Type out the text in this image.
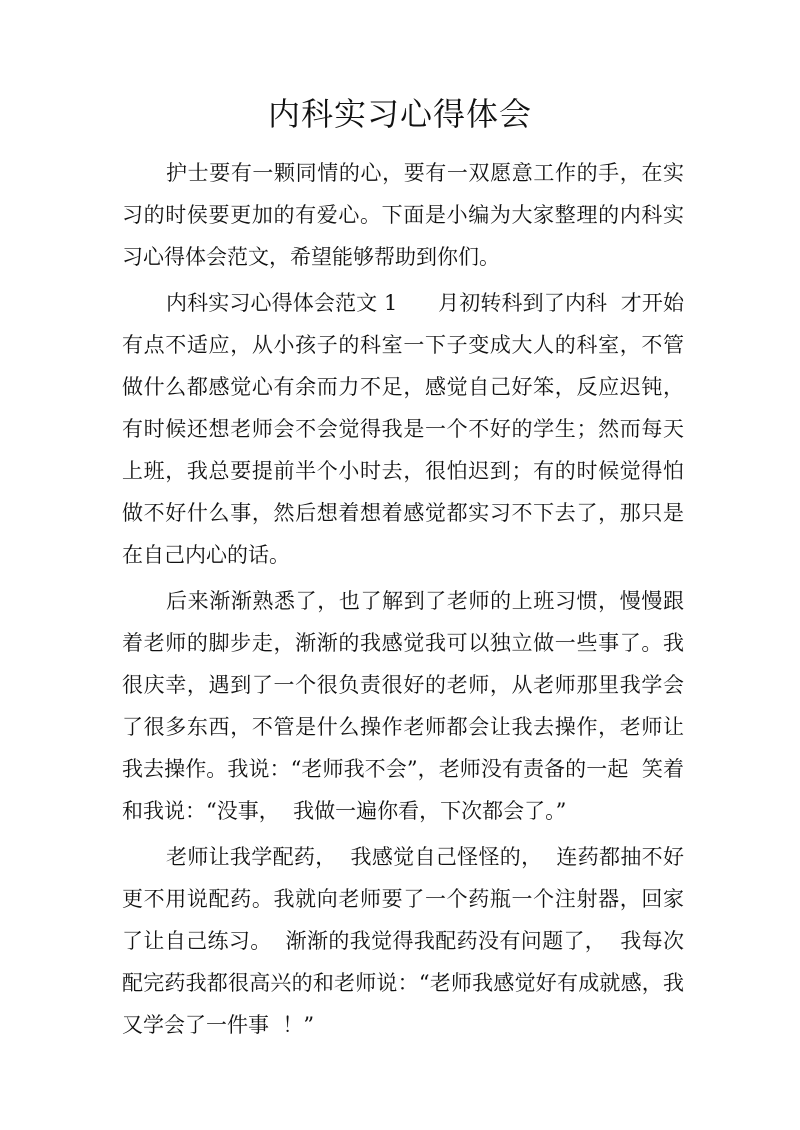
内科实习心得体会

护士要有一颗同情的心，要有一双愿意工作的手，在实习的时侯要更加的有爱心。下面是小编为大家整理的内科实习心得体会范文，希望能够帮助到你们。

内科实习心得体会范文 1      月初转科到了内科  才开始有点不适应，从小孩子的科室一下子变成大人的科室，不管做什么都感觉心有余而力不足，感觉自己好笨，反应迟钝，有时候还想老师会不会觉得我是一个不好的学生；然而每天上班，我总要提前半个小时去，很怕迟到；有的时候觉得怕做不好什么事，然后想着想着感觉都实习不下去了，那只是在自己内心的话。

后来渐渐熟悉了，也了解到了老师的上班习惯，慢慢跟着老师的脚步走，渐渐的我感觉我可以独立做一些事了。我很庆幸，遇到了一个很负责很好的老师，从老师那里我学会了很多东西，不管是什么操作老师都会让我去操作，老师让我去操作。我说：“老师我不会”，老师没有责备的一起  笑着和我说：“没事，  我做一遍你看，下次都会了。”

老师让我学配药，  我感觉自己怪怪的，  连药都抽不好更不用说配药。我就向老师要了一个药瓶一个注射器，回家了让自己练习。  渐渐的我觉得我配药没有问题了，  我每次配完药我都很高兴的和老师说：“老师我感觉好有成就感，我又学会了一件事  ！”
